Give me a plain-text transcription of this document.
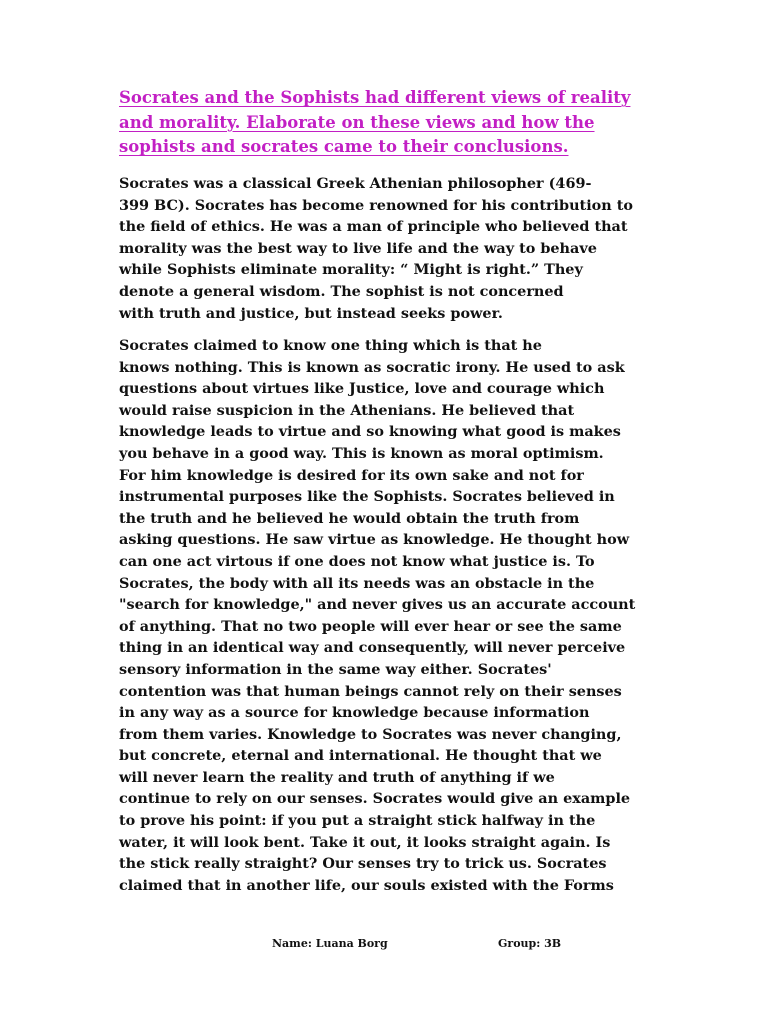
Socrates and the Sophists had different views of reality
and morality. Elaborate on these views and how the
sophists and socrates came to their conclusions.

Socrates was a classical Greek Athenian philosopher (469-
399 BC). Socrates has become renowned for his contribution to
the field of ethics. He was a man of principle who believed that
morality was the best way to live life and the way to behave
while Sophists eliminate morality: “ Might is right.” They
denote a general wisdom. The sophist is not concerned
with truth and justice, but instead seeks power.

Socrates claimed to know one thing which is that he
knows nothing. This is known as socratic irony. He used to ask
questions about virtues like Justice, love and courage which
would raise suspicion in the Athenians. He believed that
knowledge leads to virtue and so knowing what good is makes
you behave in a good way. This is known as moral optimism.
For him knowledge is desired for its own sake and not for
instrumental purposes like the Sophists. Socrates believed in
the truth and he believed he would obtain the truth from
asking questions. He saw virtue as knowledge. He thought how
can one act virtous if one does not know what justice is. To
Socrates, the body with all its needs was an obstacle in the
"search for knowledge," and never gives us an accurate account
of anything. That no two people will ever hear or see the same
thing in an identical way and consequently, will never perceive
sensory information in the same way either. Socrates'
contention was that human beings cannot rely on their senses
in any way as a source for knowledge because information
from them varies. Knowledge to Socrates was never changing,
but concrete, eternal and international. He thought that we
will never learn the reality and truth of anything if we
continue to rely on our senses. Socrates would give an example
to prove his point: if you put a straight stick halfway in the
water, it will look bent. Take it out, it looks straight again. Is
the stick really straight? Our senses try to trick us. Socrates
claimed that in another life, our souls existed with the Forms

Name: Luana Borg	Group: 3B
